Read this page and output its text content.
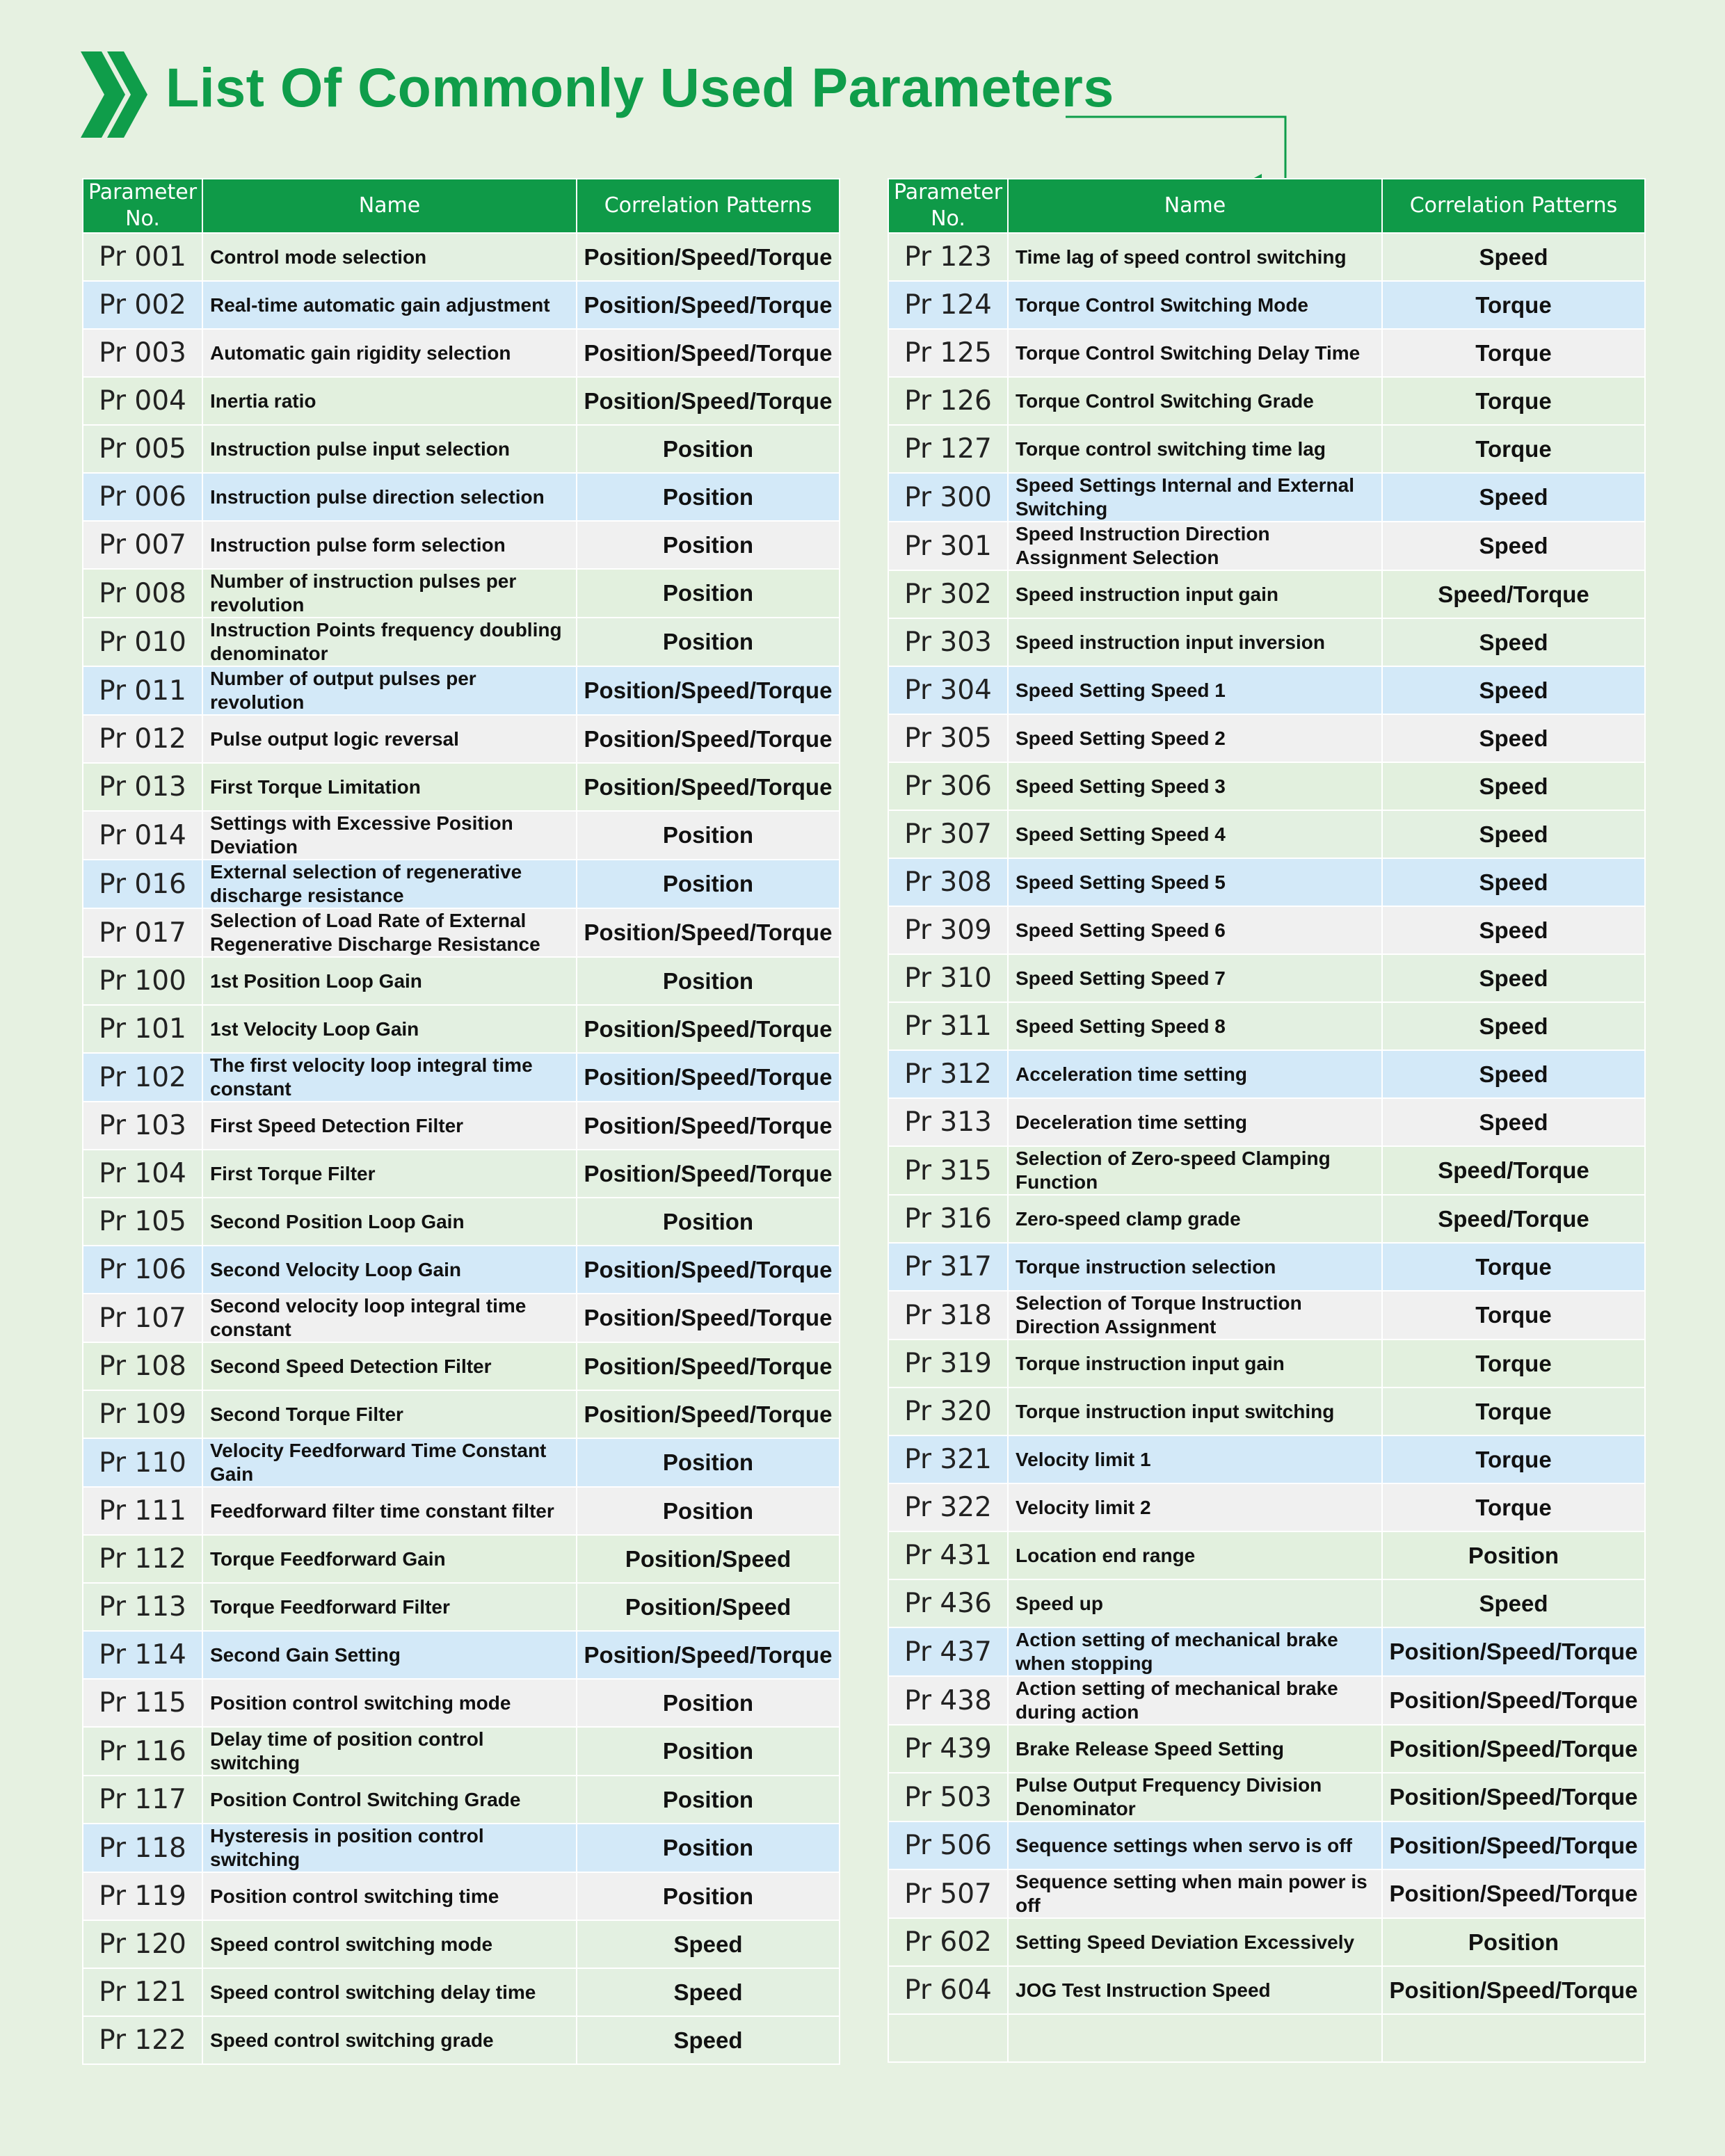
List Of Commonly Used Parameters
Parameter No.	Name	Correlation Patterns
Pr 001	Control mode selection	Position/Speed/Torque
Pr 002	Real-time automatic gain adjustment	Position/Speed/Torque
Pr 003	Automatic gain rigidity selection	Position/Speed/Torque
Pr 004	Inertia ratio	Position/Speed/Torque
Pr 005	Instruction pulse input selection	Position
Pr 006	Instruction pulse direction selection	Position
Pr 007	Instruction pulse form selection	Position
Pr 008	Number of instruction pulses per revolution	Position
Pr 010	Instruction Points frequency doubling denominator	Position
Pr 011	Number of output pulses per revolution	Position/Speed/Torque
Pr 012	Pulse output logic reversal	Position/Speed/Torque
Pr 013	First Torque Limitation	Position/Speed/Torque
Pr 014	Settings with Excessive Position Deviation	Position
Pr 016	External selection of regenerative discharge resistance	Position
Pr 017	Selection of Load Rate of External Regenerative Discharge Resistance	Position/Speed/Torque
Pr 100	1st Position Loop Gain	Position
Pr 101	1st Velocity Loop Gain	Position/Speed/Torque
Pr 102	The first velocity loop integral time constant	Position/Speed/Torque
Pr 103	First Speed Detection Filter	Position/Speed/Torque
Pr 104	First Torque Filter	Position/Speed/Torque
Pr 105	Second Position Loop Gain	Position
Pr 106	Second Velocity Loop Gain	Position/Speed/Torque
Pr 107	Second velocity loop integral time constant	Position/Speed/Torque
Pr 108	Second Speed Detection Filter	Position/Speed/Torque
Pr 109	Second Torque Filter	Position/Speed/Torque
Pr 110	Velocity Feedforward Time Constant Gain	Position
Pr 111	Feedforward filter time constant filter	Position
Pr 112	Torque Feedforward Gain	Position/Speed
Pr 113	Torque Feedforward Filter	Position/Speed
Pr 114	Second Gain Setting	Position/Speed/Torque
Pr 115	Position control switching mode	Position
Pr 116	Delay time of position control switching	Position
Pr 117	Position Control Switching Grade	Position
Pr 118	Hysteresis in position control switching	Position
Pr 119	Position control switching time	Position
Pr 120	Speed control switching mode	Speed
Pr 121	Speed control switching delay time	Speed
Pr 122	Speed control switching grade	Speed
Parameter No.	Name	Correlation Patterns
Pr 123	Time lag of speed control switching	Speed
Pr 124	Torque Control Switching Mode	Torque
Pr 125	Torque Control Switching Delay Time	Torque
Pr 126	Torque Control Switching Grade	Torque
Pr 127	Torque control switching time lag	Torque
Pr 300	Speed Settings Internal and External Switching	Speed
Pr 301	Speed Instruction Direction Assignment Selection	Speed
Pr 302	Speed instruction input gain	Speed/Torque
Pr 303	Speed instruction input inversion	Speed
Pr 304	Speed Setting Speed 1	Speed
Pr 305	Speed Setting Speed 2	Speed
Pr 306	Speed Setting Speed 3	Speed
Pr 307	Speed Setting Speed 4	Speed
Pr 308	Speed Setting Speed 5	Speed
Pr 309	Speed Setting Speed 6	Speed
Pr 310	Speed Setting Speed 7	Speed
Pr 311	Speed Setting Speed 8	Speed
Pr 312	Acceleration time setting	Speed
Pr 313	Deceleration time setting	Speed
Pr 315	Selection of Zero-speed Clamping Function	Speed/Torque
Pr 316	Zero-speed clamp grade	Speed/Torque
Pr 317	Torque instruction selection	Torque
Pr 318	Selection of Torque Instruction Direction Assignment	Torque
Pr 319	Torque instruction input gain	Torque
Pr 320	Torque instruction input switching	Torque
Pr 321	Velocity limit 1	Torque
Pr 322	Velocity limit 2	Torque
Pr 431	Location end range	Position
Pr 436	Speed up	Speed
Pr 437	Action setting of mechanical brake when stopping	Position/Speed/Torque
Pr 438	Action setting of mechanical brake during action	Position/Speed/Torque
Pr 439	Brake Release Speed Setting	Position/Speed/Torque
Pr 503	Pulse Output Frequency Division Denominator	Position/Speed/Torque
Pr 506	Sequence settings when servo is off	Position/Speed/Torque
Pr 507	Sequence setting when main power is off	Position/Speed/Torque
Pr 602	Setting Speed Deviation Excessively	Position
Pr 604	JOG Test Instruction Speed	Position/Speed/Torque
